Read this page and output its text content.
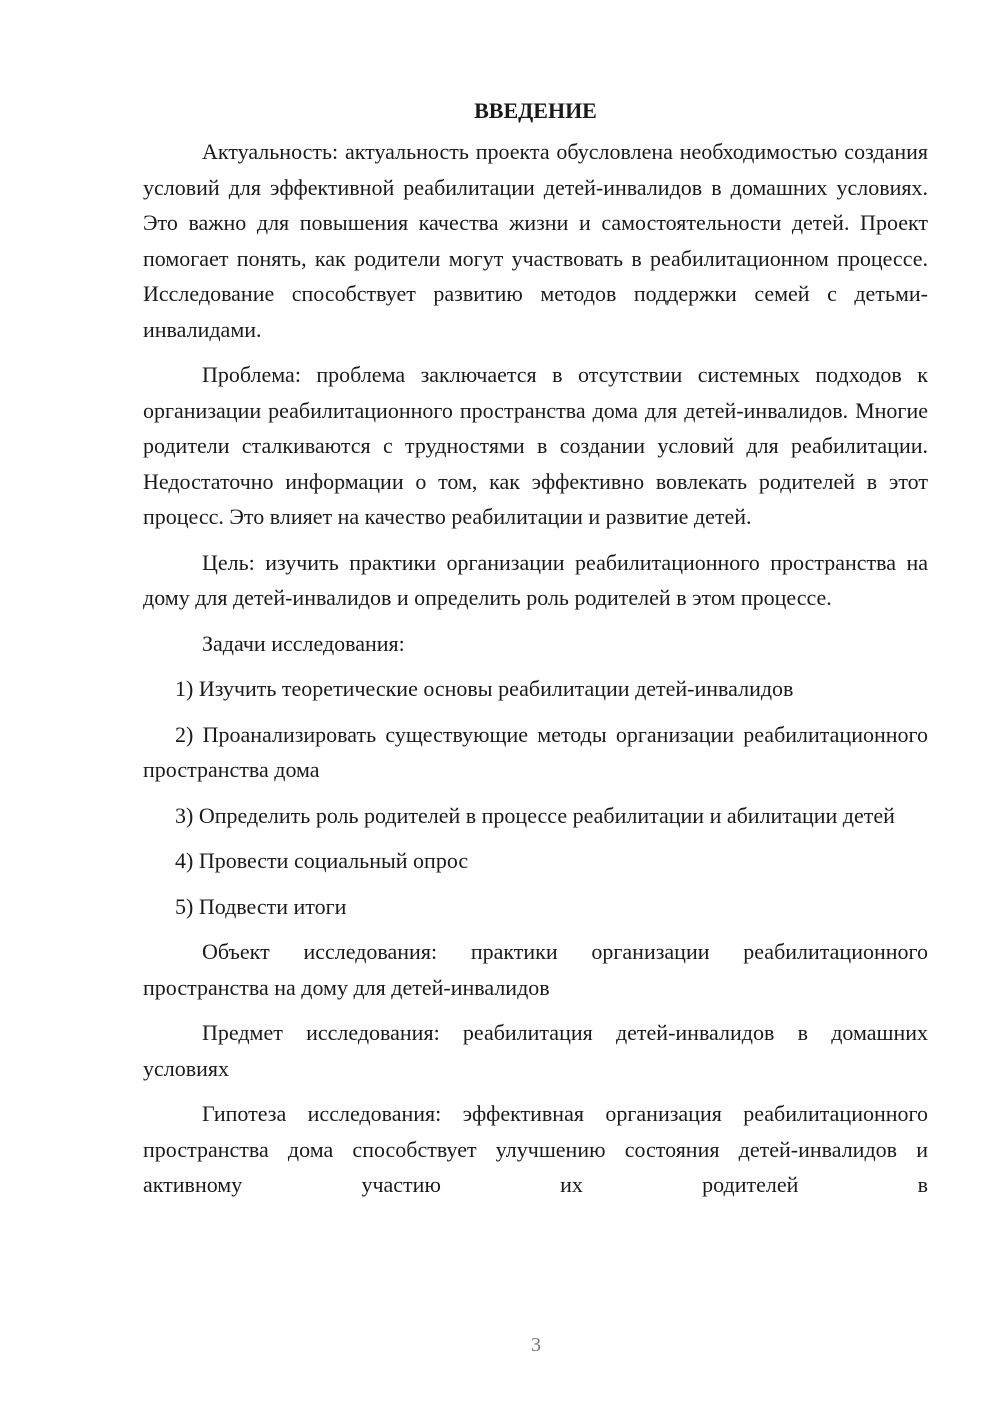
ВВЕДЕНИЕ

Актуальность: актуальность проекта обусловлена необходимостью создания условий для эффективной реабилитации детей-инвалидов в домашних условиях. Это важно для повышения качества жизни и самостоятельности детей. Проект помогает понять, как родители могут участвовать в реабилитационном процессе. Исследование способствует развитию методов поддержки семей с детьми-инвалидами.

Проблема: проблема заключается в отсутствии системных подходов к организации реабилитационного пространства дома для детей-инвалидов. Многие родители сталкиваются с трудностями в создании условий для реабилитации. Недостаточно информации о том, как эффективно вовлекать родителей в этот процесс. Это влияет на качество реабилитации и развитие детей.

Цель: изучить практики организации реабилитационного пространства на дому для детей-инвалидов и определить роль родителей в этом процессе.

Задачи исследования:

1) Изучить теоретические основы реабилитации детей-инвалидов

2) Проанализировать существующие методы организации реабилитационного пространства дома

3) Определить роль родителей в процессе реабилитации и абилитации детей

4) Провести социальный опрос

5) Подвести итоги

Объект исследования: практики организации реабилитационного пространства на дому для детей-инвалидов

Предмет исследования: реабилитация детей-инвалидов в домашних условиях

Гипотеза исследования: эффективная организация реабилитационного пространства дома способствует улучшению состояния детей-инвалидов и активному участию их родителей в

3
